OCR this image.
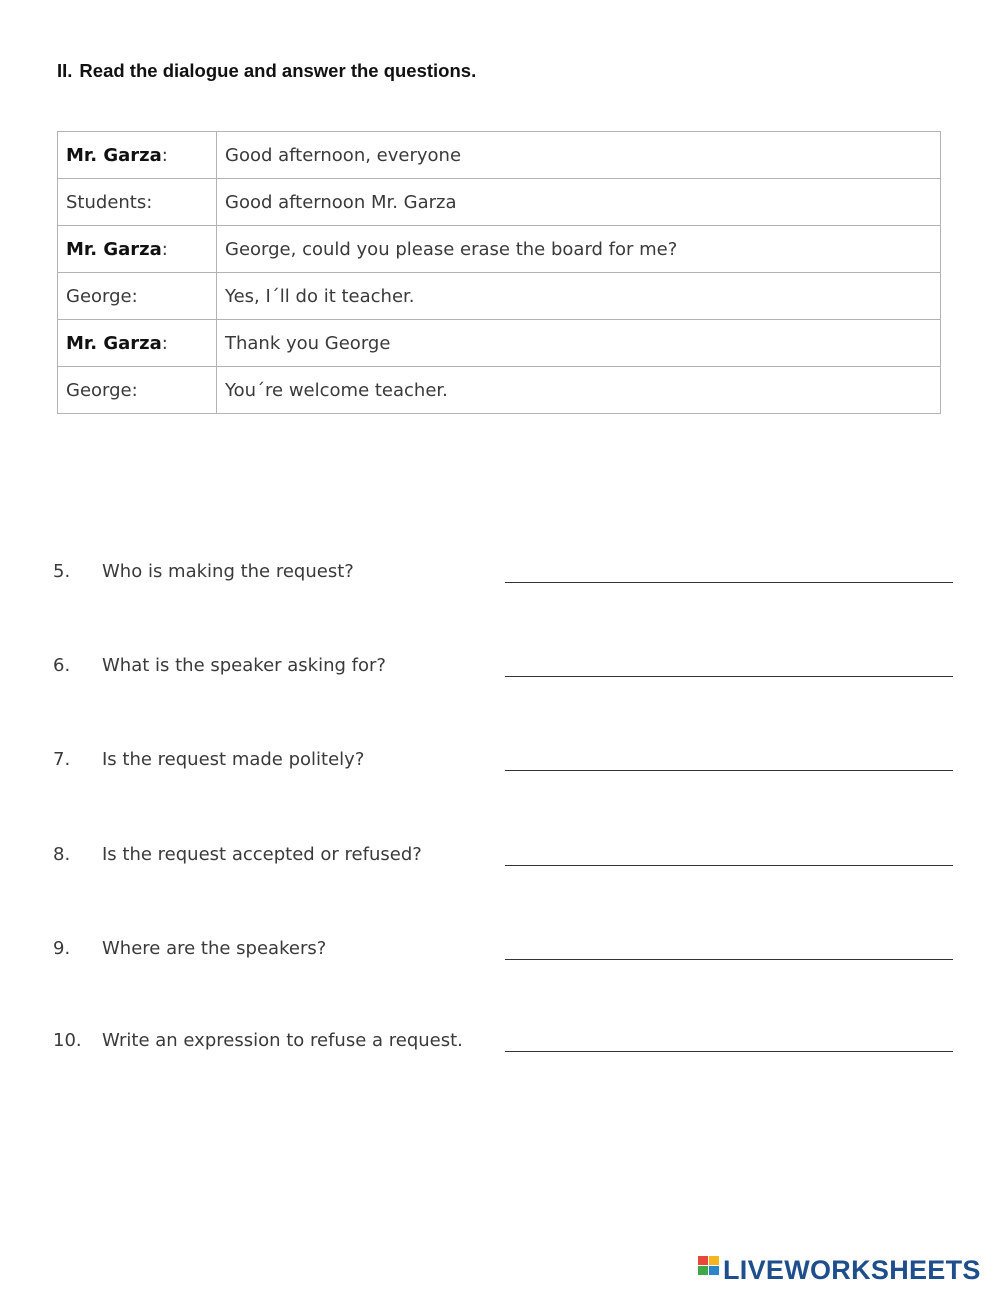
II. Read the dialogue and answer the questions.
Mr. Garza:	Good afternoon, everyone
Students:	Good afternoon Mr. Garza
Mr. Garza:	George, could you please erase the board for me?
George:	Yes, I´ll do it teacher.
Mr. Garza:	Thank you George
George:	You´re welcome teacher.
5. Who is making the request?
6. What is the speaker asking for?
7. Is the request made politely?
8. Is the request accepted or refused?
9. Where are the speakers?
10. Write an expression to refuse a request.
LIVEWORKSHEETS
